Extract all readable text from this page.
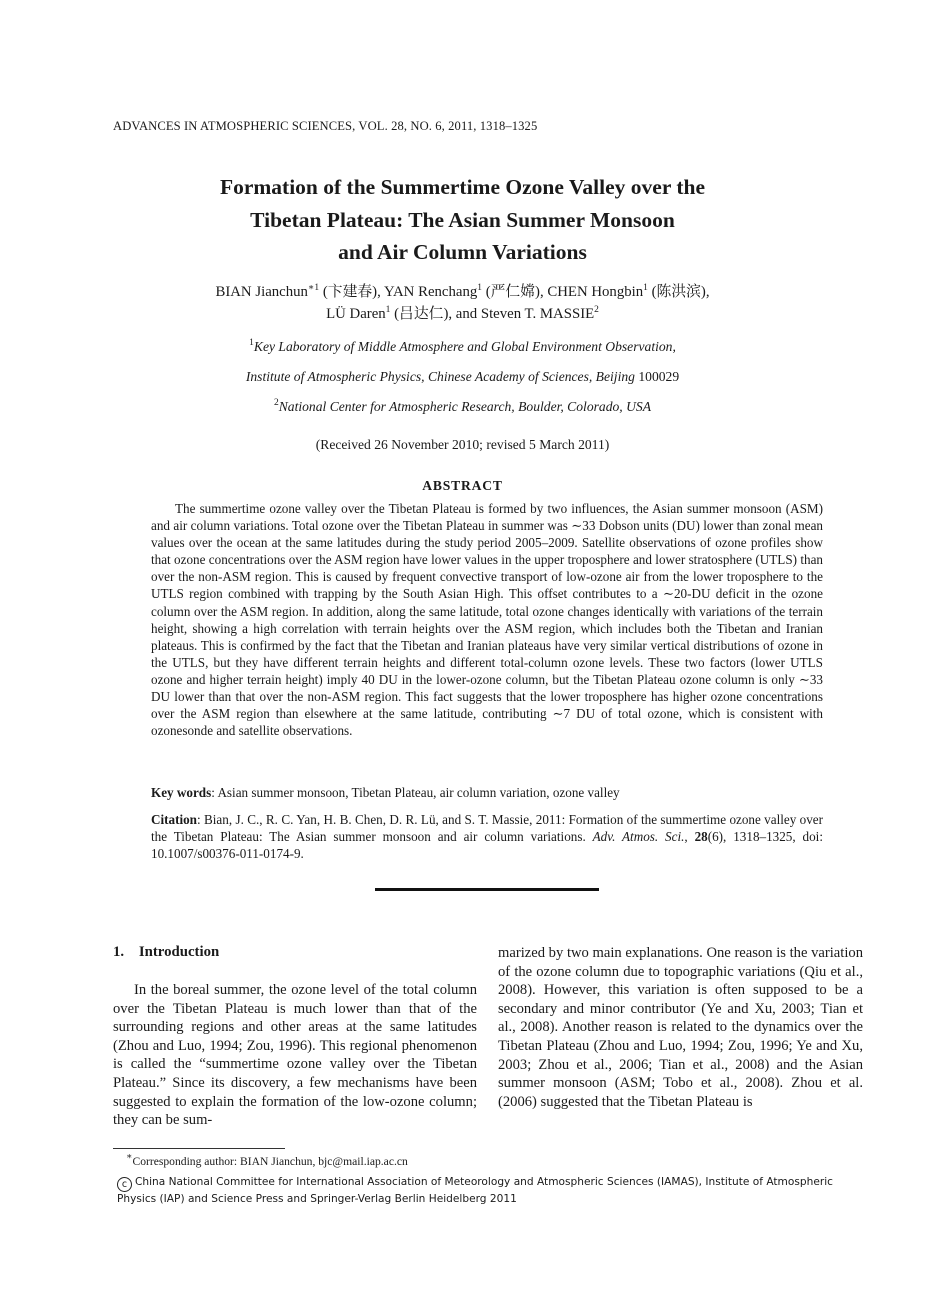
ADVANCES IN ATMOSPHERIC SCIENCES, VOL. 28, NO. 6, 2011, 1318–1325
Formation of the Summertime Ozone Valley over the
Tibetan Plateau: The Asian Summer Monsoon
and Air Column Variations
BIAN Jianchun$^{∗1}$ (卞建春), YAN Renchang$^1$ (严仁嫦), CHEN Hongbin$^1$ (陈洪滨),
LÜ Daren$^1$ (吕达仁), and Steven T. MASSIE$^2$
$^1$Key Laboratory of Middle Atmosphere and Global Environment Observation,
Institute of Atmospheric Physics, Chinese Academy of Sciences, Beijing 100029
$^2$National Center for Atmospheric Research, Boulder, Colorado, USA
(Received 26 November 2010; revised 5 March 2011)
ABSTRACT

The summertime ozone valley over the Tibetan Plateau is formed by two influences, the Asian summer monsoon (ASM) and air column variations. Total ozone over the Tibetan Plateau in summer was ∼33 Dobson units (DU) lower than zonal mean values over the ocean at the same latitudes during the study period 2005–2009. Satellite observations of ozone profiles show that ozone concentrations over the ASM region have lower values in the upper troposphere and lower stratosphere (UTLS) than over the non-ASM region. This is caused by frequent convective transport of low-ozone air from the lower troposphere to the UTLS region combined with trapping by the South Asian High. This offset contributes to a ∼20-DU deficit in the ozone column over the ASM region. In addition, along the same latitude, total ozone changes identically with variations of the terrain height, showing a high correlation with terrain heights over the ASM region, which includes both the Tibetan and Iranian plateaus. This is confirmed by the fact that the Tibetan and Iranian plateaus have very similar vertical distributions of ozone in the UTLS, but they have different terrain heights and different total-column ozone levels. These two factors (lower UTLS ozone and higher terrain height) imply 40 DU in the lower-ozone column, but the Tibetan Plateau ozone column is only ∼33 DU lower than that over the non-ASM region. This fact suggests that the lower troposphere has higher ozone concentrations over the ASM region than elsewhere at the same latitude, contributing ∼7 DU of total ozone, which is consistent with ozonesonde and satellite observations.

Key words: Asian summer monsoon, Tibetan Plateau, air column variation, ozone valley

Citation: Bian, J. C., R. C. Yan, H. B. Chen, D. R. Lü, and S. T. Massie, 2011: Formation of the summertime ozone valley over the Tibetan Plateau: The Asian summer monsoon and air column variations. Adv. Atmos. Sci., 28(6), 1318–1325, doi: 10.1007/s00376-011-0174-9.

1. Introduction

In the boreal summer, the ozone level of the total column over the Tibetan Plateau is much lower than that of the surrounding regions and other areas at the same latitudes (Zhou and Luo, 1994; Zou, 1996). This regional phenomenon is called the “summertime ozone valley over the Tibetan Plateau.” Since its discovery, a few mechanisms have been suggested to explain the formation of the low-ozone column; they can be sum-

marized by two main explanations. One reason is the variation of the ozone column due to topographic variations (Qiu et al., 2008). However, this variation is often supposed to be a secondary and minor contributor (Ye and Xu, 2003; Tian et al., 2008). Another reason is related to the dynamics over the Tibetan Plateau (Zhou and Luo, 1994; Zou, 1996; Ye and Xu, 2003; Zhou et al., 2006; Tian et al., 2008) and the Asian summer monsoon (ASM; Tobo et al., 2008). Zhou et al. (2006) suggested that the Tibetan Plateau is

∗Corresponding author: BIAN Jianchun, bjc@mail.iap.ac.cn

c China National Committee for International Association of Meteorology and Atmospheric Sciences (IAMAS), Institute of Atmospheric Physics (IAP) and Science Press and Springer-Verlag Berlin Heidelberg 2011
